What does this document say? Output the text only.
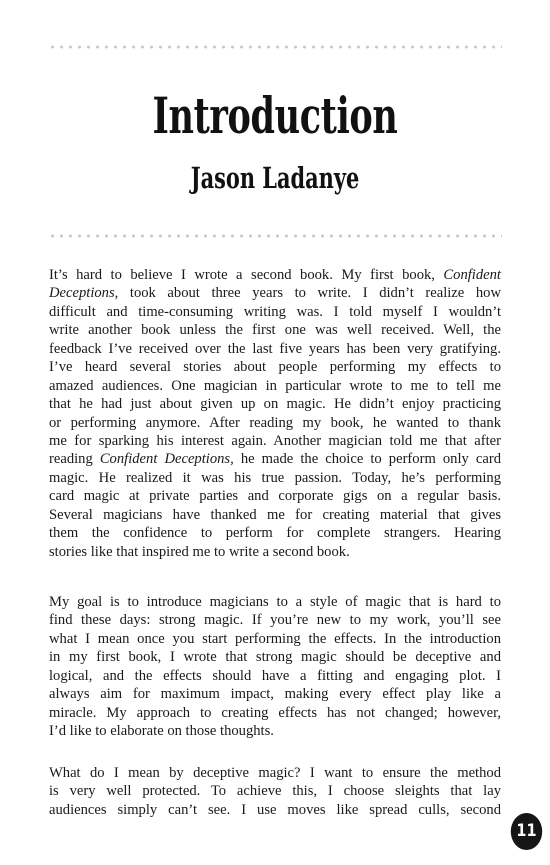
Introduction
Jason Ladanye
It’s hard to believe I wrote a second book. My first book, Confident
Deceptions, took about three years to write. I didn’t realize how
difficult and time-consuming writing was. I told myself I wouldn’t
write another book unless the first one was well received. Well, the
feedback I’ve received over the last five years has been very gratifying.
I’ve heard several stories about people performing my effects to
amazed audiences. One magician in particular wrote to me to tell me
that he had just about given up on magic. He didn’t enjoy practicing
or performing anymore. After reading my book, he wanted to thank
me for sparking his interest again. Another magician told me that after
reading Confident Deceptions, he made the choice to perform only card
magic. He realized it was his true passion. Today, he’s performing
card magic at private parties and corporate gigs on a regular basis.
Several magicians have thanked me for creating material that gives
them the confidence to perform for complete strangers. Hearing
stories like that inspired me to write a second book.
My goal is to introduce magicians to a style of magic that is hard to
find these days: strong magic. If you’re new to my work, you’ll see
what I mean once you start performing the effects. In the introduction
in my first book, I wrote that strong magic should be deceptive and
logical, and the effects should have a fitting and engaging plot. I
always aim for maximum impact, making every effect play like a
miracle. My approach to creating effects has not changed; however,
I’d like to elaborate on those thoughts.
What do I mean by deceptive magic? I want to ensure the method
is very well protected. To achieve this, I choose sleights that lay
audiences simply can’t see. I use moves like spread culls, second
11
